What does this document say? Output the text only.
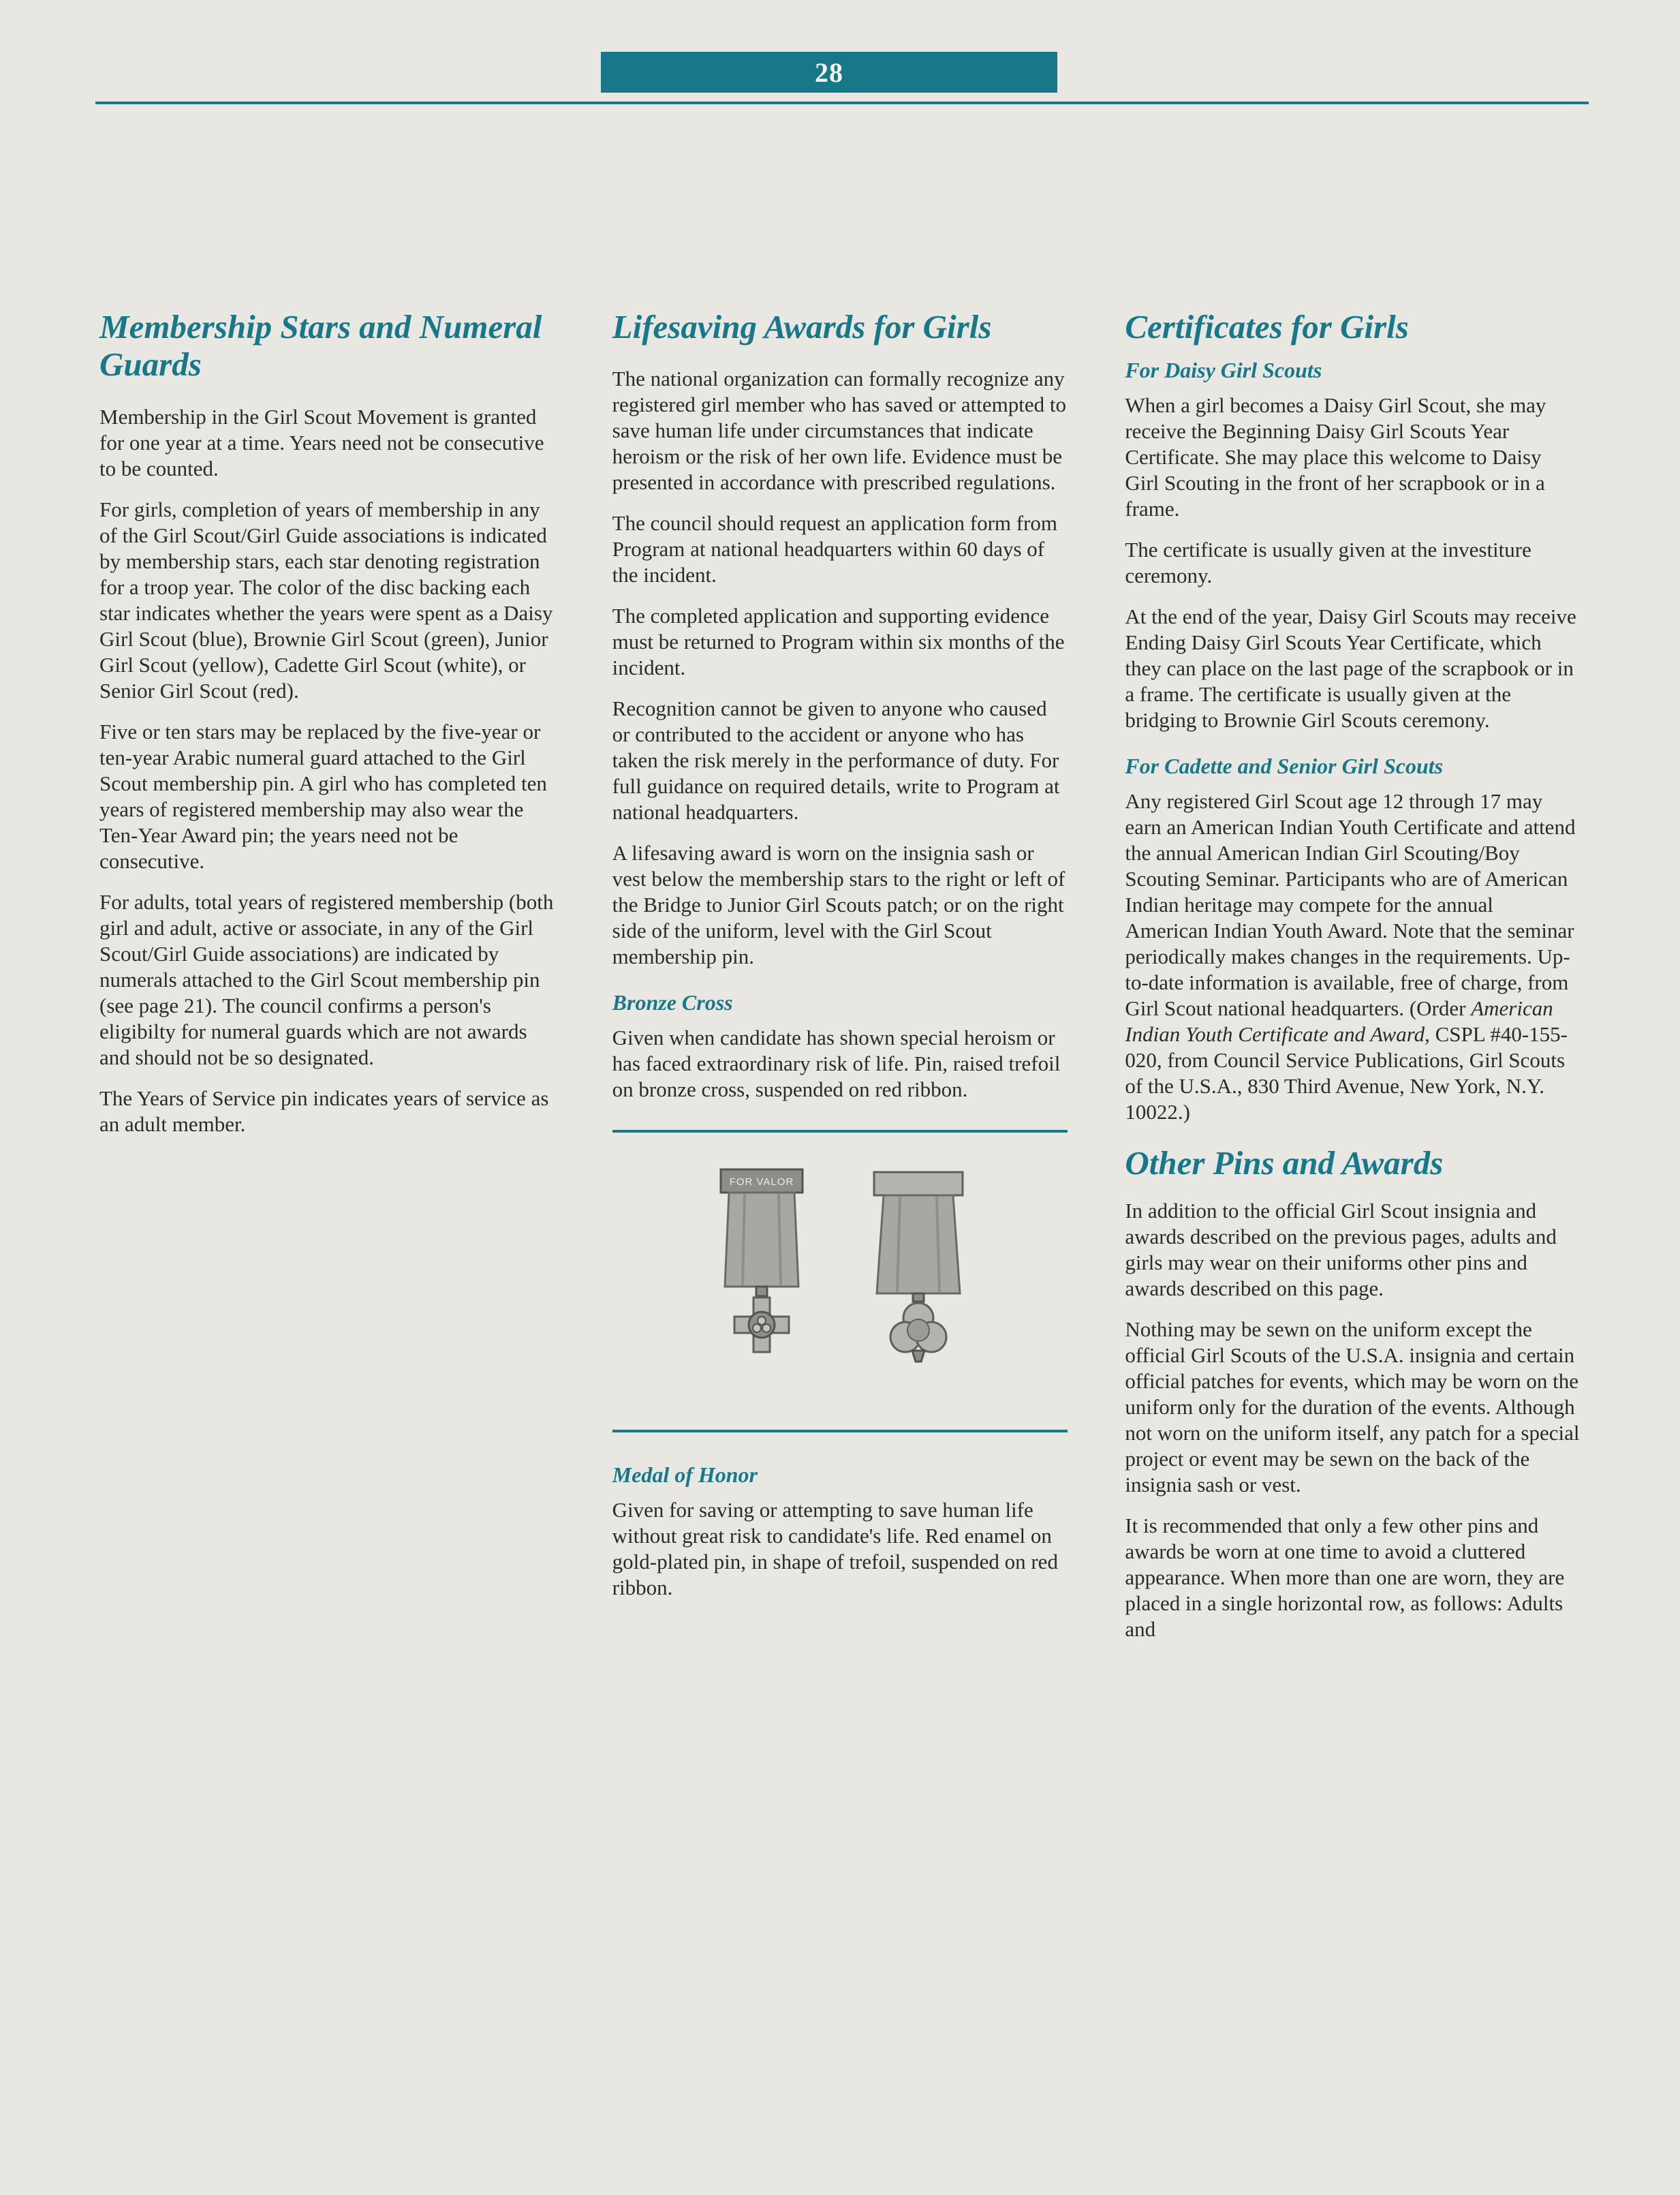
28
Membership Stars and Numeral Guards

Membership in the Girl Scout Movement is granted for one year at a time. Years need not be consecutive to be counted.

For girls, completion of years of membership in any of the Girl Scout/Girl Guide associations is indicated by membership stars, each star denoting registration for a troop year. The color of the disc backing each star indicates whether the years were spent as a Daisy Girl Scout (blue), Brownie Girl Scout (green), Junior Girl Scout (yellow), Cadette Girl Scout (white), or Senior Girl Scout (red).

Five or ten stars may be replaced by the five-year or ten-year Arabic numeral guard attached to the Girl Scout membership pin. A girl who has completed ten years of registered membership may also wear the Ten-Year Award pin; the years need not be consecutive.

For adults, total years of registered membership (both girl and adult, active or associate, in any of the Girl Scout/Girl Guide associations) are indicated by numerals attached to the Girl Scout membership pin (see page 21). The council confirms a person's eligibilty for numeral guards which are not awards and should not be so designated.

The Years of Service pin indicates years of service as an adult member.

Lifesaving Awards for Girls

The national organization can formally recognize any registered girl member who has saved or attempted to save human life under circumstances that indicate heroism or the risk of her own life. Evidence must be presented in accordance with prescribed regulations.

The council should request an application form from Program at national headquarters within 60 days of the incident.

The completed application and supporting evidence must be returned to Program within six months of the incident.

Recognition cannot be given to anyone who caused or contributed to the accident or anyone who has taken the risk merely in the performance of duty. For full guidance on required details, write to Program at national headquarters.

A lifesaving award is worn on the insignia sash or vest below the membership stars to the right or left of the Bridge to Junior Girl Scouts patch; or on the right side of the uniform, level with the Girl Scout membership pin.

Bronze Cross

Given when candidate has shown special heroism or has faced extraordinary risk of life. Pin, raised trefoil on bronze cross, suspended on red ribbon.

FOR VALOR
Medal of Honor

Given for saving or attempting to save human life without great risk to candidate's life. Red enamel on gold-plated pin, in shape of trefoil, suspended on red ribbon.

Certificates for Girls
For Daisy Girl Scouts

When a girl becomes a Daisy Girl Scout, she may receive the Beginning Daisy Girl Scouts Year Certificate. She may place this welcome to Daisy Girl Scouting in the front of her scrapbook or in a frame.

The certificate is usually given at the investiture ceremony.

At the end of the year, Daisy Girl Scouts may receive Ending Daisy Girl Scouts Year Certificate, which they can place on the last page of the scrapbook or in a frame. The certificate is usually given at the bridging to Brownie Girl Scouts ceremony.

For Cadette and Senior Girl Scouts

Any registered Girl Scout age 12 through 17 may earn an American Indian Youth Certificate and attend the annual American Indian Girl Scouting/Boy Scouting Seminar. Participants who are of American Indian heritage may compete for the annual American Indian Youth Award. Note that the seminar periodically makes changes in the requirements. Up-to-date information is available, free of charge, from Girl Scout national headquarters. (Order American Indian Youth Certificate and Award, CSPL #40-155-020, from Council Service Publications, Girl Scouts of the U.S.A., 830 Third Avenue, New York, N.Y. 10022.)

Other Pins and Awards

In addition to the official Girl Scout insignia and awards described on the previous pages, adults and girls may wear on their uniforms other pins and awards described on this page.

Nothing may be sewn on the uniform except the official Girl Scouts of the U.S.A. insignia and certain official patches for events, which may be worn on the uniform only for the duration of the events. Although not worn on the uniform itself, any patch for a special project or event may be sewn on the back of the insignia sash or vest.

It is recommended that only a few other pins and awards be worn at one time to avoid a cluttered appearance. When more than one are worn, they are placed in a single horizontal row, as follows: Adults and
